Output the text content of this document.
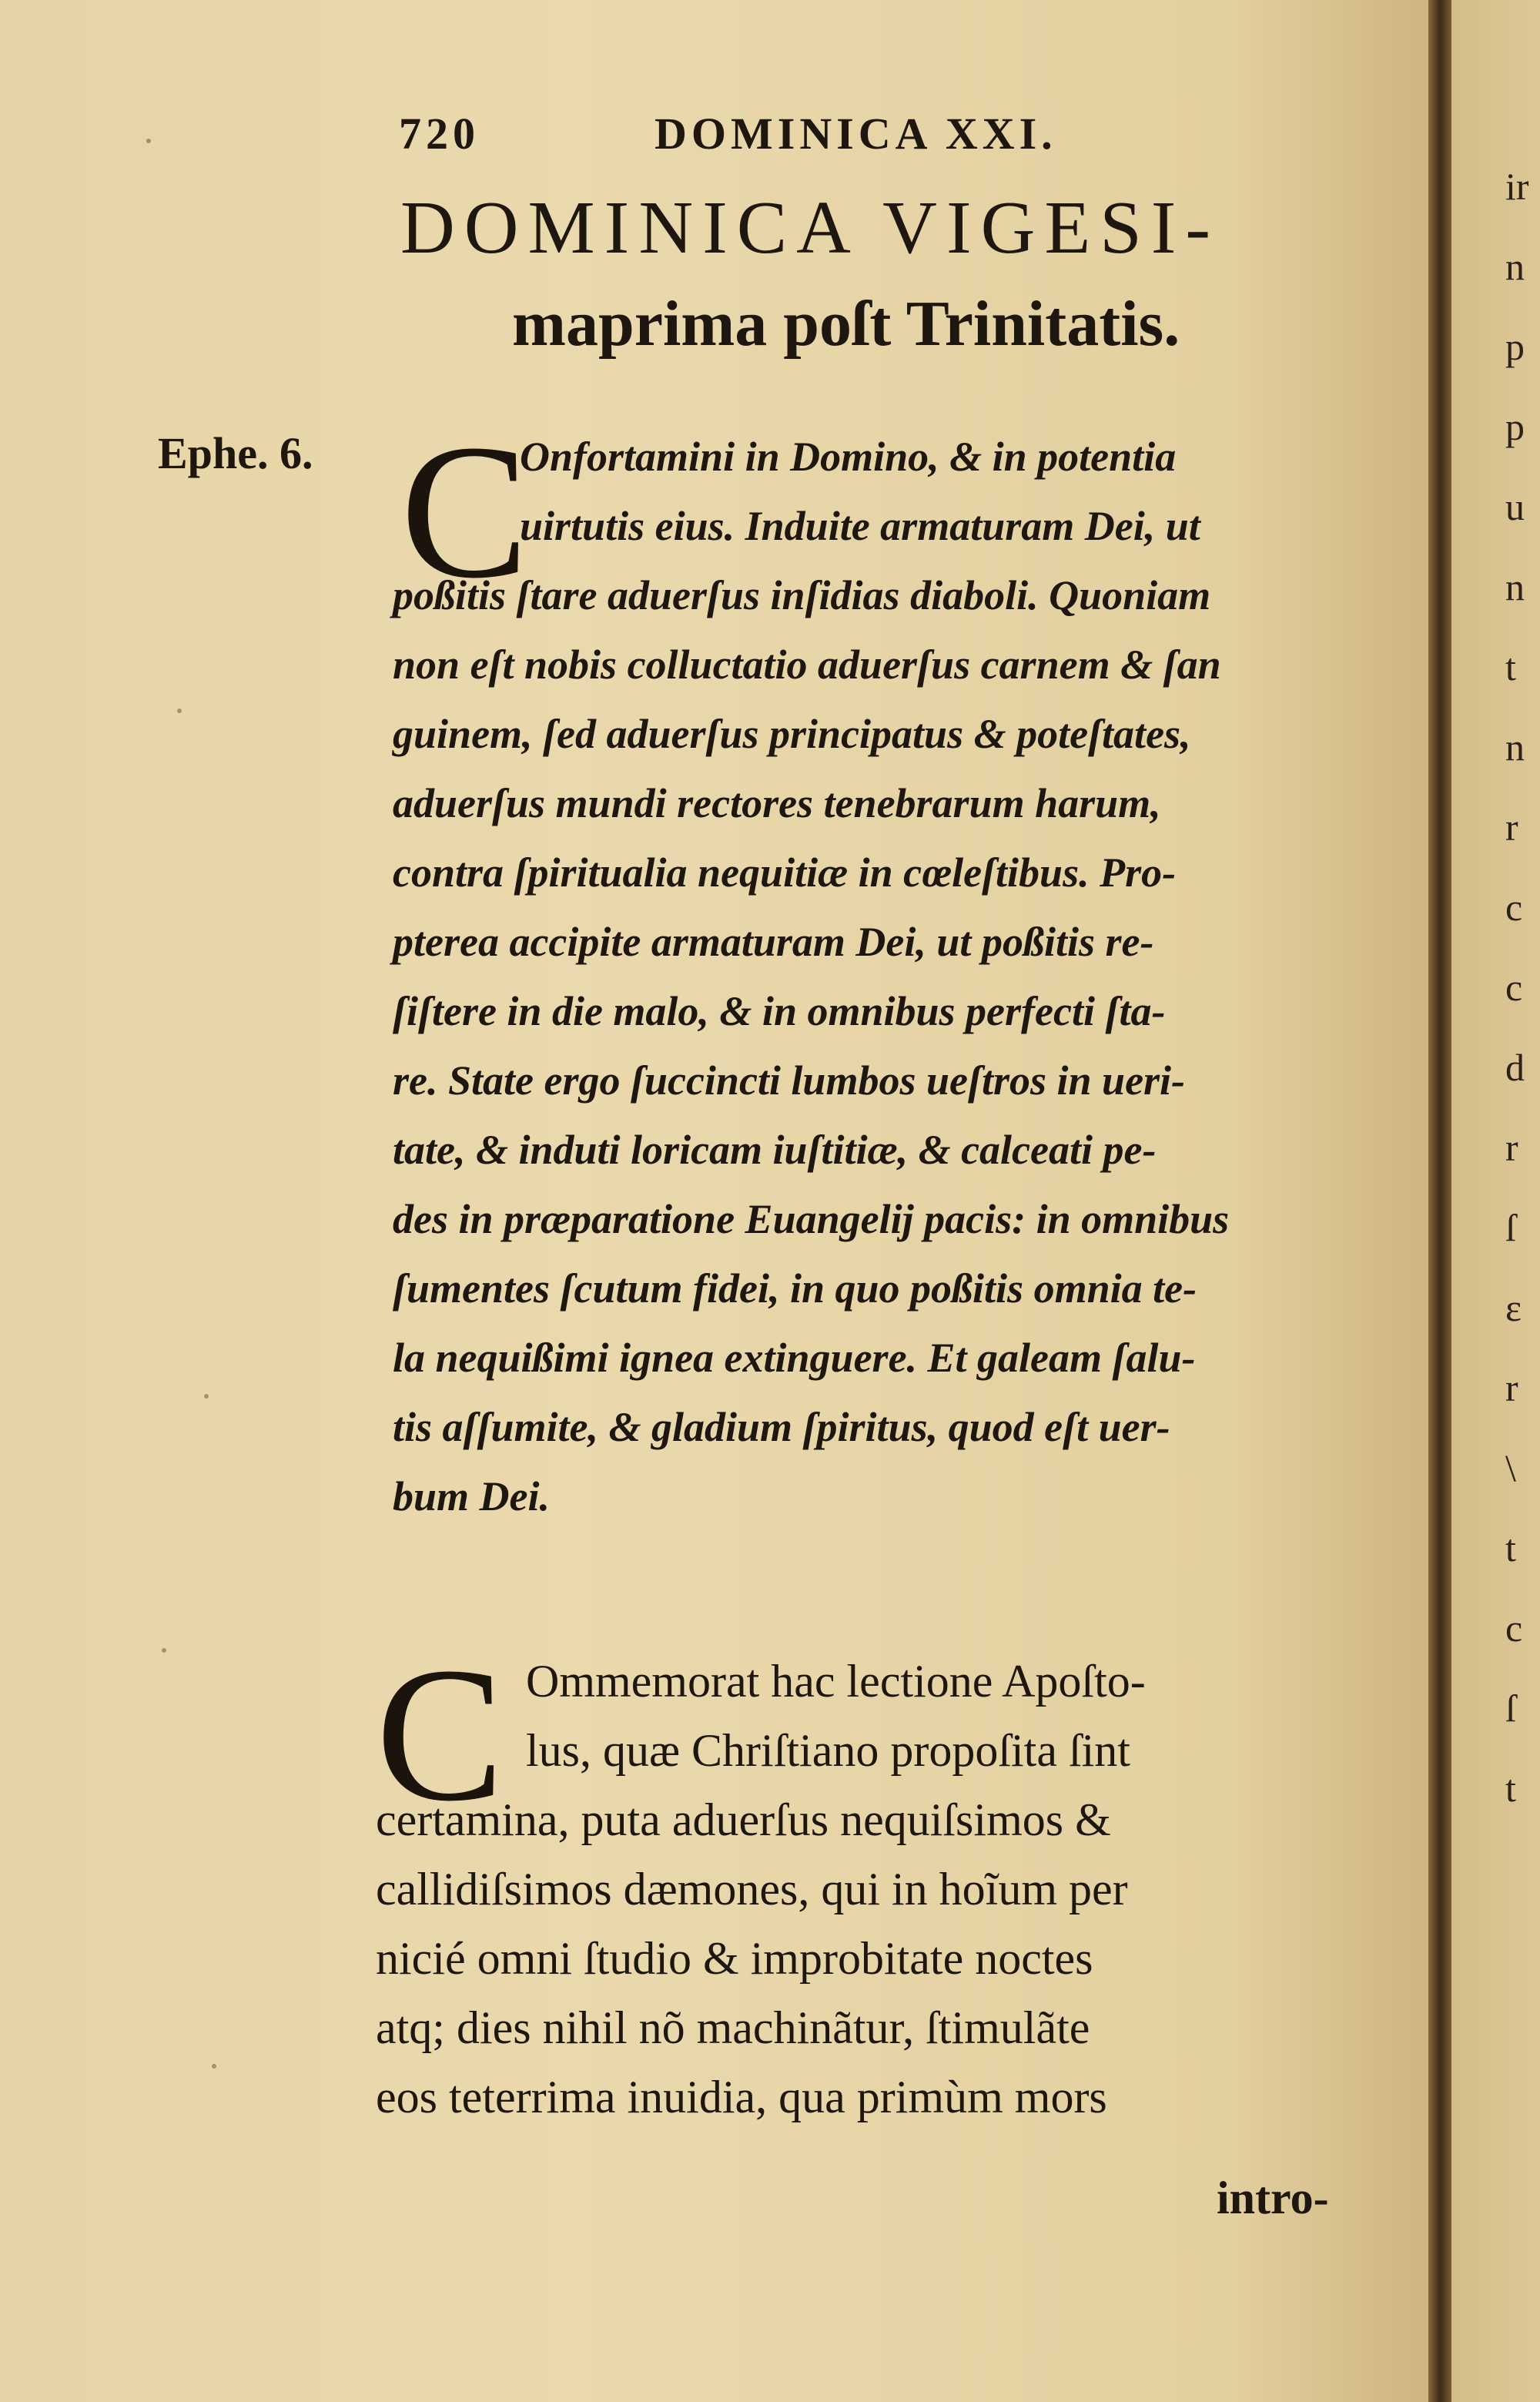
ir
n
p
p
u
n
t
n
r
c
c
d
r
ſ
ε
r
\
t
c
ſ
t
720	DOMINICA XXI.
DOMINICA VIGESI-
maprima poſt Trinitatis.
Ephe. 6. C
Onfortamini in Domino, & in potentia
uirtutis eius. Induite armaturam Dei, ut
poßitis ſtare aduerſus inſidias diaboli. Quoniam
non eſt nobis colluctatio aduerſus carnem & ſan
guinem, ſed aduerſus principatus & poteſtates,
aduerſus mundi rectores tenebrarum harum,
contra ſpiritualia nequitiæ in cœleſtibus. Pro-
pterea accipite armaturam Dei, ut poßitis re-
ſiſtere in die malo, & in omnibus perfecti ſta-
re. State ergo ſuccincti lumbos ueſtros in ueri-
tate, & induti loricam iuſtitiæ, & calceati pe-
des in præparatione Euangelij pacis: in omnibus
ſumentes ſcutum fidei, in quo poßitis omnia te-
la nequißimi ignea extinguere. Et galeam ſalu-
tis aſſumite, & gladium ſpiritus, quod eſt uer-
bum Dei.
C Ommemorat hac lectione Apoſto-
lus, quæ Chriſtiano propoſita ſint
certamina, puta aduerſus nequiſsimos &
callidiſsimos dæmones, qui in hoĩum per
nicié omni ſtudio & improbitate noctes
atq; dies nihil nõ machinãtur, ſtimulãte
eos teterrima inuidia, qua primùm mors
intro-
